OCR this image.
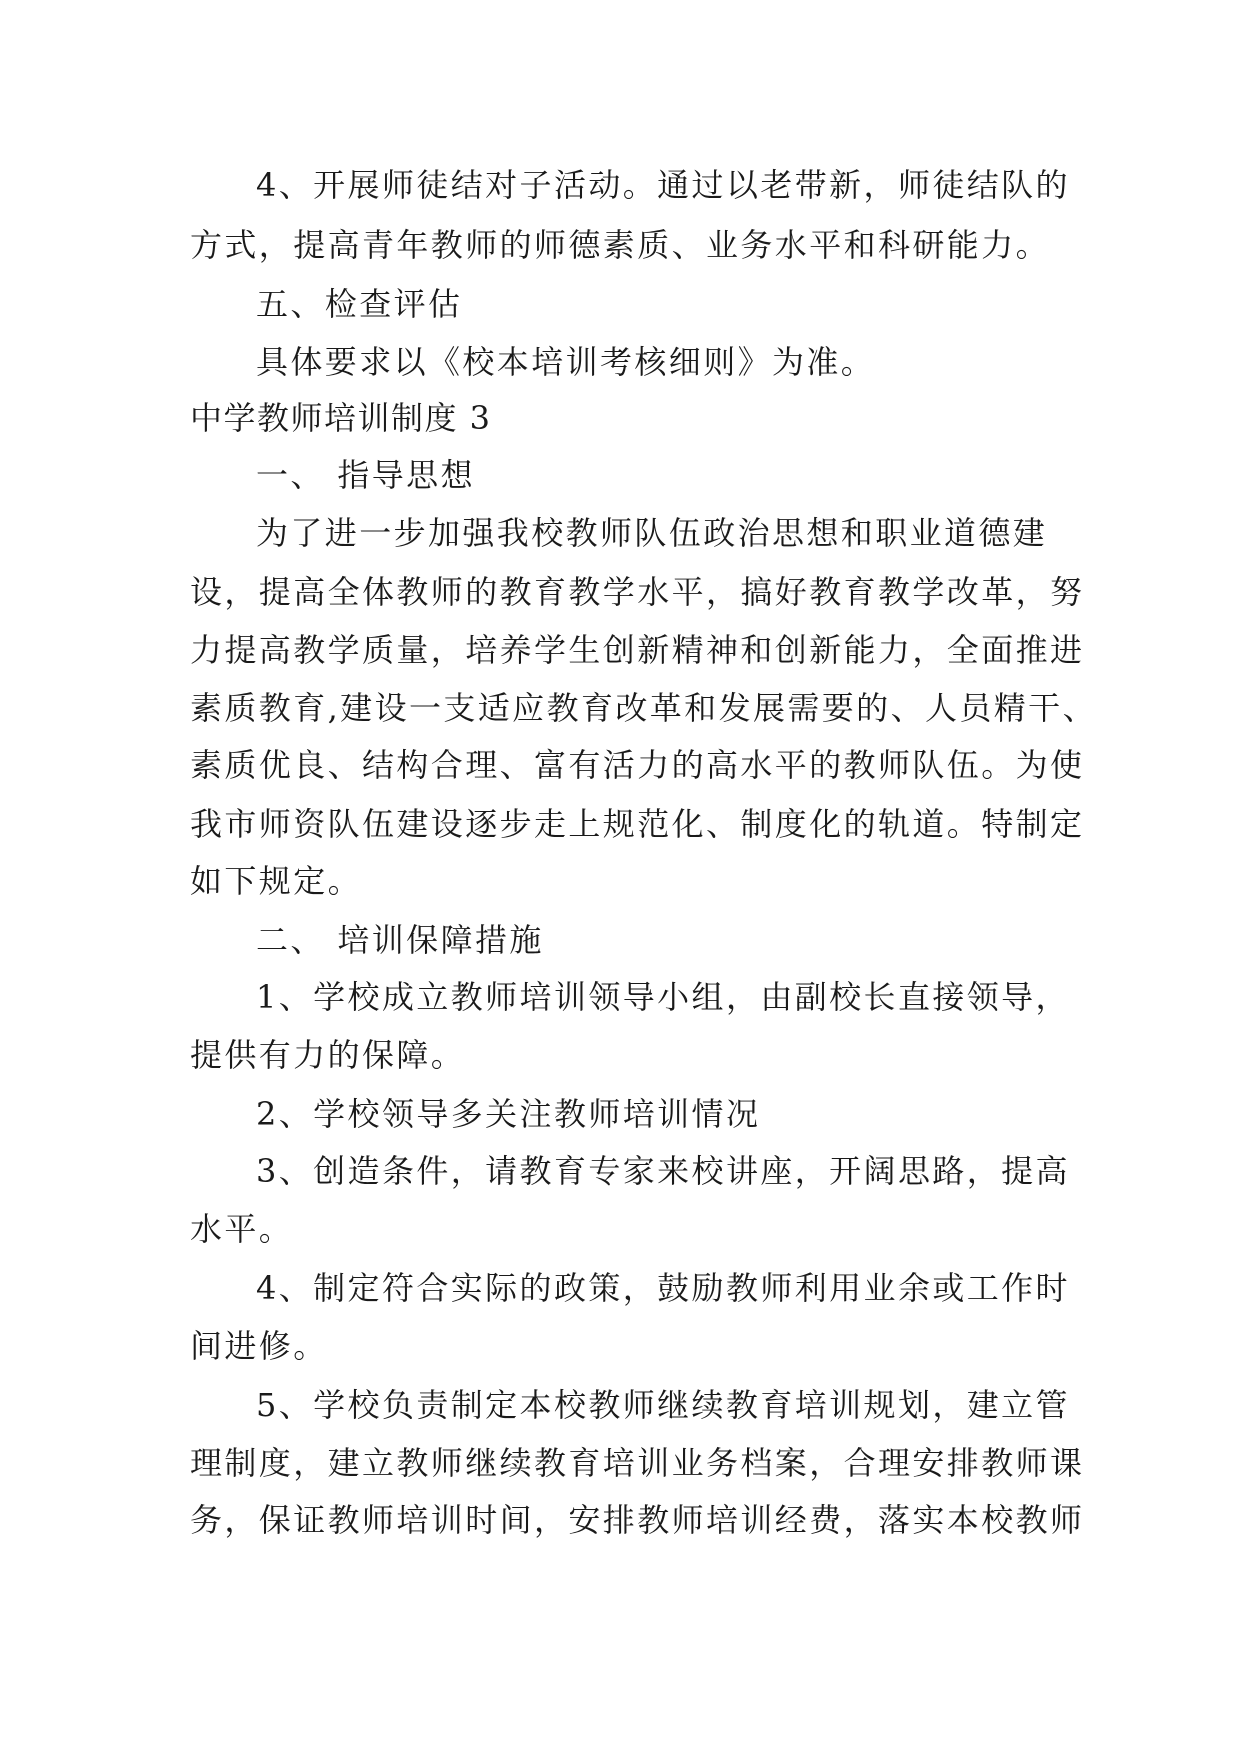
4、开展师徒结对子活动。通过以老带新，师徒结队的
方式，提高青年教师的师德素质、业务水平和科研能力。
五、检查评估
具体要求以《校本培训考核细则》为准。
中学教师培训制度 3
一、 指导思想
为了进一步加强我校教师队伍政治思想和职业道德建
设，提高全体教师的教育教学水平，搞好教育教学改革，努
力提高教学质量，培养学生创新精神和创新能力，全面推进
素质教育,建设一支适应教育改革和发展需要的、人员精干、
素质优良、结构合理、富有活力的高水平的教师队伍。为使
我市师资队伍建设逐步走上规范化、制度化的轨道。特制定
如下规定。
二、 培训保障措施
1、学校成立教师培训领导小组，由副校长直接领导，
提供有力的保障。
2、学校领导多关注教师培训情况
3、创造条件，请教育专家来校讲座，开阔思路，提高
水平。
4、制定符合实际的政策，鼓励教师利用业余或工作时
间进修。
5、学校负责制定本校教师继续教育培训规划，建立管
理制度，建立教师继续教育培训业务档案，合理安排教师课
务，保证教师培训时间，安排教师培训经费，落实本校教师
